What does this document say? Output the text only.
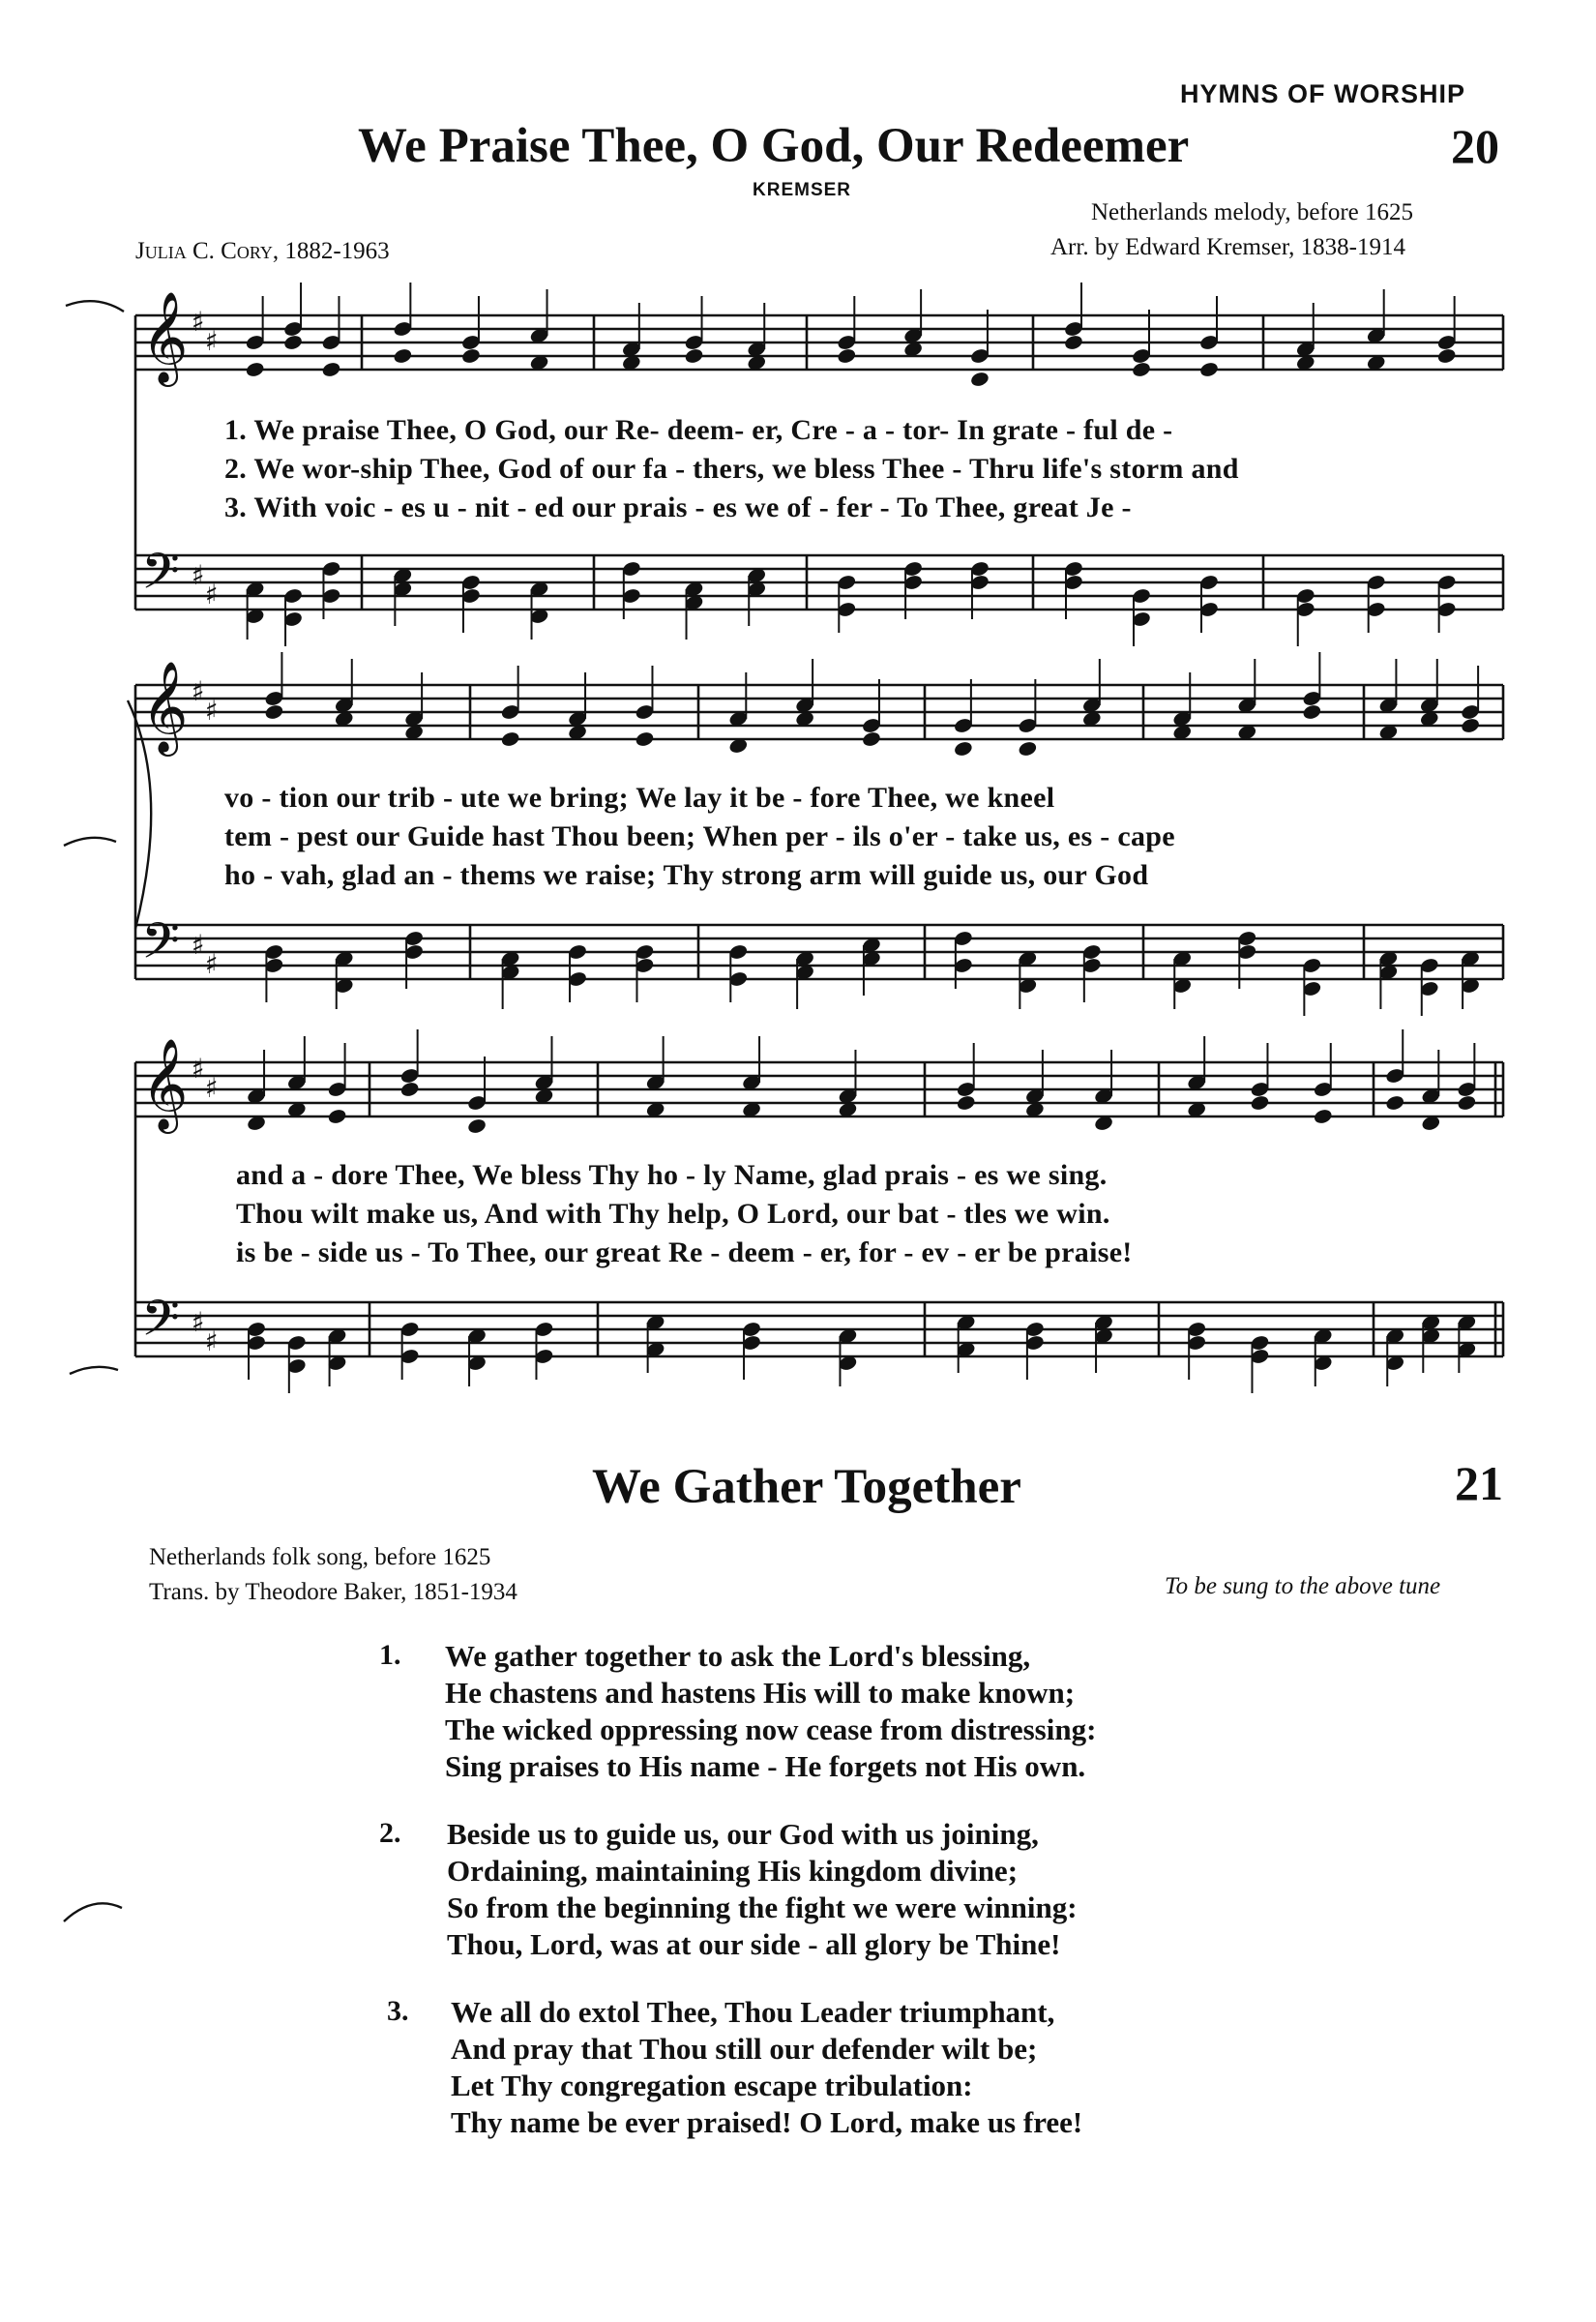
𝄞 ♯
♯
𝄢 ♯
♯
𝄞 ♯
♯
𝄢 ♯
♯
𝄞 ♯
♯
𝄢 ♯
♯
HYMNS OF WORSHIP
We Praise Thee, O God, Our Redeemer	20
KREMSER
Netherlands melody, before 1625
Julia C. Cory, 1882-1963	Arr. by Edward Kremser, 1838-1914
1. We praise Thee, O God, our Re- deem- er, Cre - a - tor- In grate - ful de -
2. We wor-ship Thee, God of our fa - thers, we bless Thee - Thru life's storm and
3. With voic - es u - nit - ed our prais - es we of - fer - To Thee, great Je -
vo - tion our trib - ute we bring; We lay it be - fore Thee, we kneel
tem - pest our Guide hast Thou been; When per - ils o'er - take us, es - cape
ho - vah, glad an - thems we raise; Thy strong arm will guide us, our God
and a - dore Thee, We bless Thy ho - ly Name, glad prais - es we sing.
Thou wilt make us, And with Thy help, O Lord, our bat - tles we win.
is be - side us - To Thee, our great Re - deem - er, for - ev - er be praise!
We Gather Together	21
Netherlands folk song, before 1625
Trans. by Theodore Baker, 1851-1934	To be sung to the above tune
1. We gather together to ask the Lord's blessing,
He chastens and hastens His will to make known;
The wicked oppressing now cease from distressing:
Sing praises to His name - He forgets not His own.
2. Beside us to guide us, our God with us joining,
Ordaining, maintaining His kingdom divine;
So from the beginning the fight we were winning:
Thou, Lord, was at our side - all glory be Thine!
3. We all do extol Thee, Thou Leader triumphant,
And pray that Thou still our defender wilt be;
Let Thy congregation escape tribulation:
Thy name be ever praised! O Lord, make us free!
